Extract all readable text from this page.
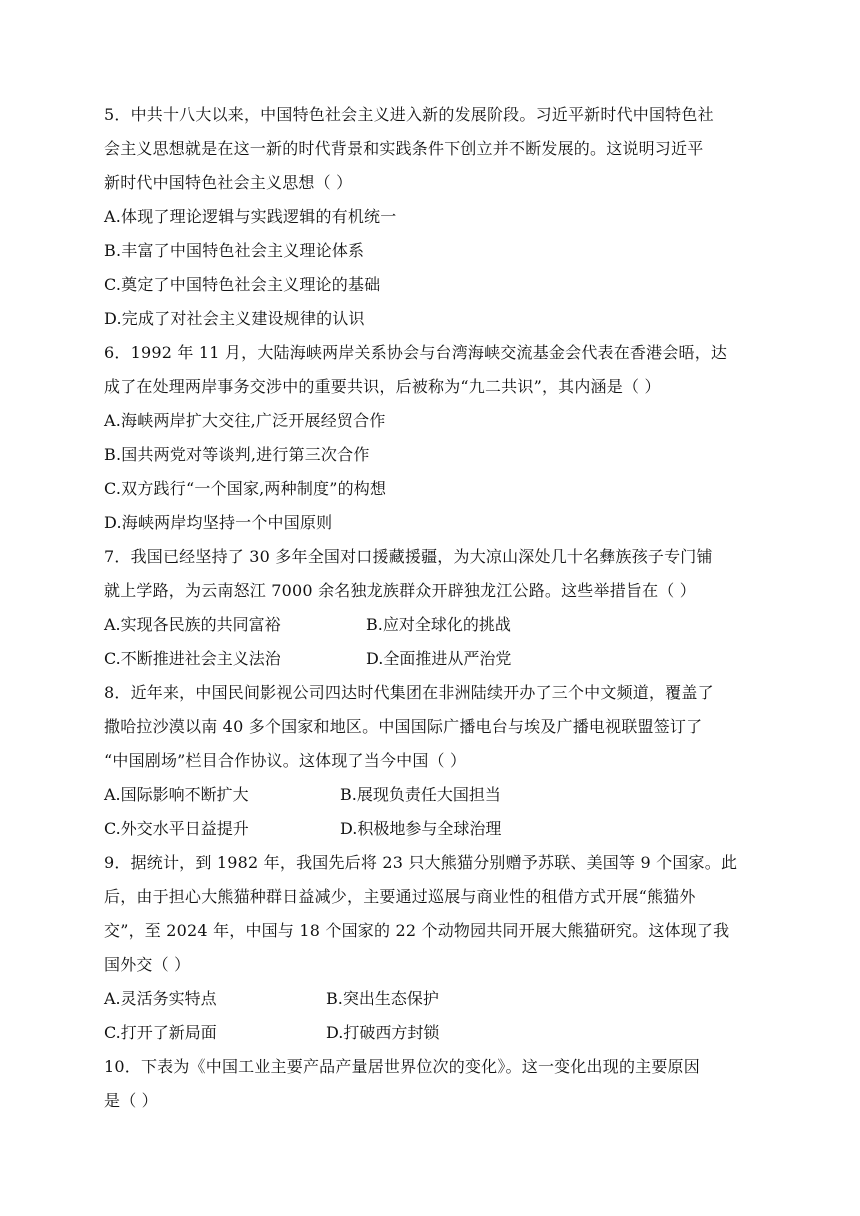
5．中共十八大以来，中国特色社会主义进入新的发展阶段。习近平新时代中国特色社
会主义思想就是在这一新的时代背景和实践条件下创立并不断发展的。这说明习近平
新时代中国特色社会主义思想（ ）
A.体现了理论逻辑与实践逻辑的有机统一
B.丰富了中国特色社会主义理论体系
C.奠定了中国特色社会主义理论的基础
D.完成了对社会主义建设规律的认识
6．1992 年 11 月，大陆海峡两岸关系协会与台湾海峡交流基金会代表在香港会晤，达
成了在处理两岸事务交涉中的重要共识，后被称为“九二共识”，其内涵是（ ）
A.海峡两岸扩大交往,广泛开展经贸合作
B.国共两党对等谈判,进行第三次合作
C.双方践行“一个国家,两种制度”的构想
D.海峡两岸均坚持一个中国原则
7．我国已经坚持了 30 多年全国对口援藏援疆，为大凉山深处几十名彝族孩子专门铺
就上学路，为云南怒江 7000 余名独龙族群众开辟独龙江公路。这些举措旨在（ ）
A.实现各民族的共同富裕	B.应对全球化的挑战
C.不断推进社会主义法治	D.全面推进从严治党
8．近年来，中国民间影视公司四达时代集团在非洲陆续开办了三个中文频道，覆盖了
撒哈拉沙漠以南 40 多个国家和地区。中国国际广播电台与埃及广播电视联盟签订了
“中国剧场”栏目合作协议。这体现了当今中国（ ）
A.国际影响不断扩大	B.展现负责任大国担当
C.外交水平日益提升	D.积极地参与全球治理
9．据统计，到 1982 年，我国先后将 23 只大熊猫分别赠予苏联、美国等 9 个国家。此
后，由于担心大熊猫种群日益减少，主要通过巡展与商业性的租借方式开展“熊猫外
交”，至 2024 年，中国与 18 个国家的 22 个动物园共同开展大熊猫研究。这体现了我
国外交（ ）
A.灵活务实特点	B.突出生态保护
C.打开了新局面	D.打破西方封锁
10．下表为《中国工业主要产品产量居世界位次的变化》。这一变化出现的主要原因
是（ ）
